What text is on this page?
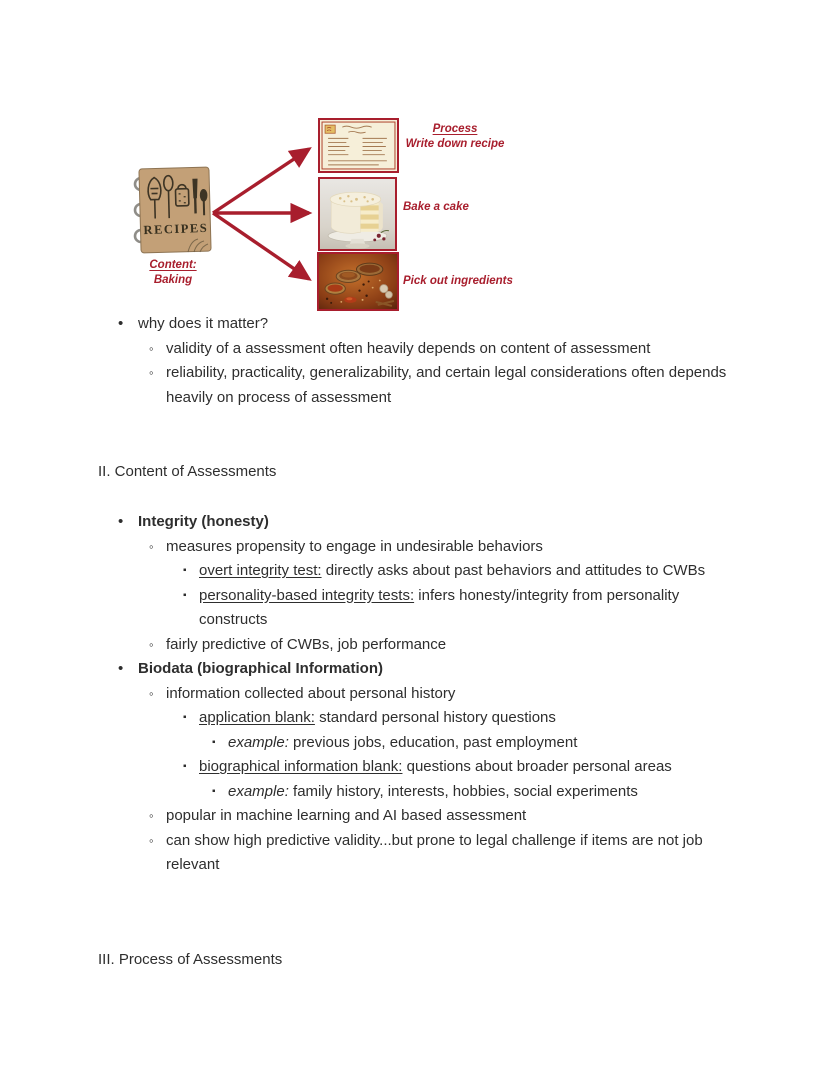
RECIPES
Content:
Baking
Process
Write down recipe
Bake a cake
Pick out ingredients
•
why does it matter?
◦
validity of a assessment often heavily depends on content of assessment
◦
reliability, practicality, generalizability, and certain legal considerations often depends heavily on process of assessment
II. Content of Assessments
•
Integrity (honesty)
◦
measures propensity to engage in undesirable behaviors
▪
overt integrity test: directly asks about past behaviors and attitudes to CWBs
▪
personality-based integrity tests: infers honesty/integrity from personality constructs
◦
fairly predictive of CWBs, job performance
•
Biodata (biographical Information)
◦
information collected about personal history
▪
application blank: standard personal history questions
▪
example: previous jobs, education, past employment
▪
biographical information blank: questions about broader personal areas
▪
example: family history, interests, hobbies, social experiments
◦
popular in machine learning and AI based assessment
◦
can show high predictive validity...but prone to legal challenge if items are not job relevant
III. Process of Assessments
